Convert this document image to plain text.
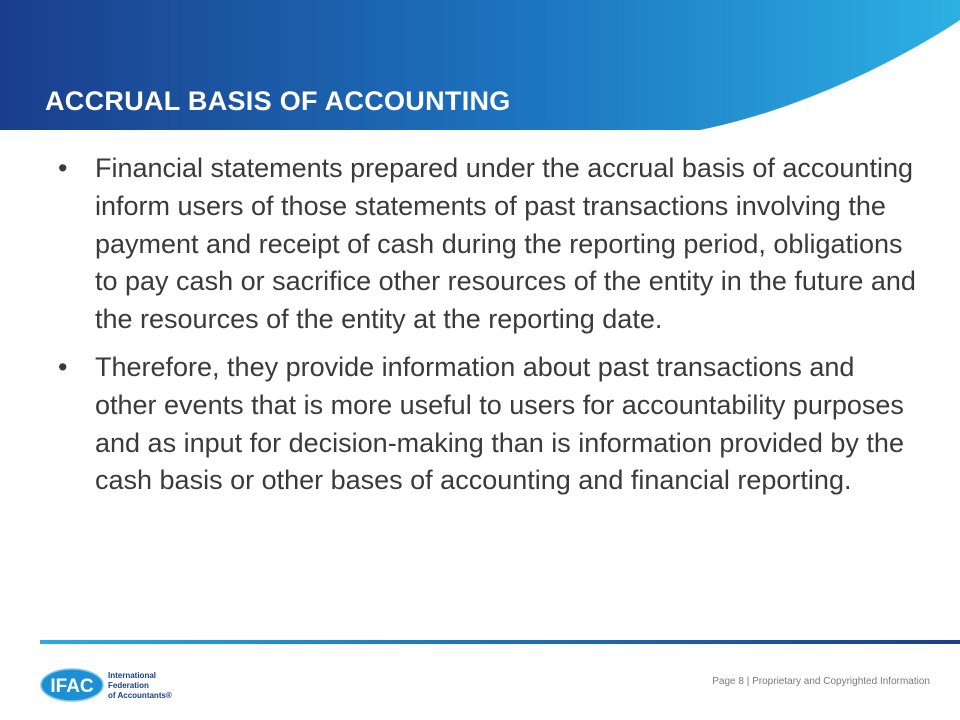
ACCRUAL BASIS OF ACCOUNTING
• Financial statements prepared under the accrual basis of accounting inform users of those statements of past transactions involving the payment and receipt of cash during the reporting period, obligations to pay cash or sacrifice other resources of the entity in the future and the resources of the entity at the reporting date.
• Therefore, they provide information about past transactions and other events that is more useful to users for accountability purposes and as input for decision-making than is information provided by the cash basis or other bases of accounting and financial reporting.
IFAC
International
Federation
of Accountants®
Page 8 | Proprietary and Copyrighted Information
